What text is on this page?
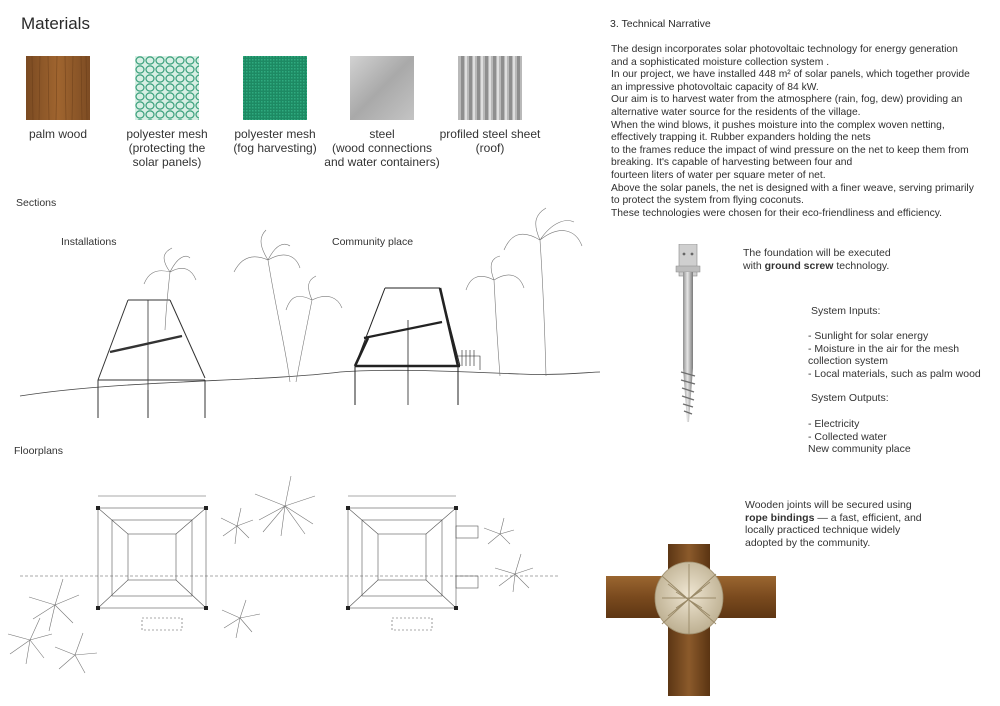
Materials
palm wood	polyester mesh
(protecting the
solar panels)
polyester mesh
(fog harvesting)
steel
(wood connections
and water containers)
profiled steel sheet
(roof)
Sections
Installations	Community place
Floorplans
3. Technical Narrative
The design incorporates solar photovoltaic technology for energy generation
and a sophisticated moisture collection system .
In our project, we have installed 448 m² of solar panels, which together provide
an impressive photovoltaic capacity of 84 kW.
Our aim is to harvest water from the atmosphere (rain, fog, dew) providing an
alternative water source for the residents of the village.
When the wind blows, it pushes moisture into the complex woven netting,
effectively trapping it. Rubber expanders holding the nets
to the frames reduce the impact of wind pressure on the net to keep them from
breaking. It's capable of harvesting between four and
fourteen liters of water per square meter of net.
Above the solar panels, the net is designed with a finer weave, serving primarily
to protect the system from flying coconuts.
These technologies were chosen for their eco-friendliness and efficiency.
The foundation will be executed
with ground screw technology.
System Inputs:
- Sunlight for solar energy
- Moisture in the air for the mesh
collection system
- Local materials, such as palm wood
System Outputs:
- Electricity
- Collected water
New community place
Wooden joints will be secured using
rope bindings — a fast, efficient, and
locally practiced technique widely
adopted by the community.
